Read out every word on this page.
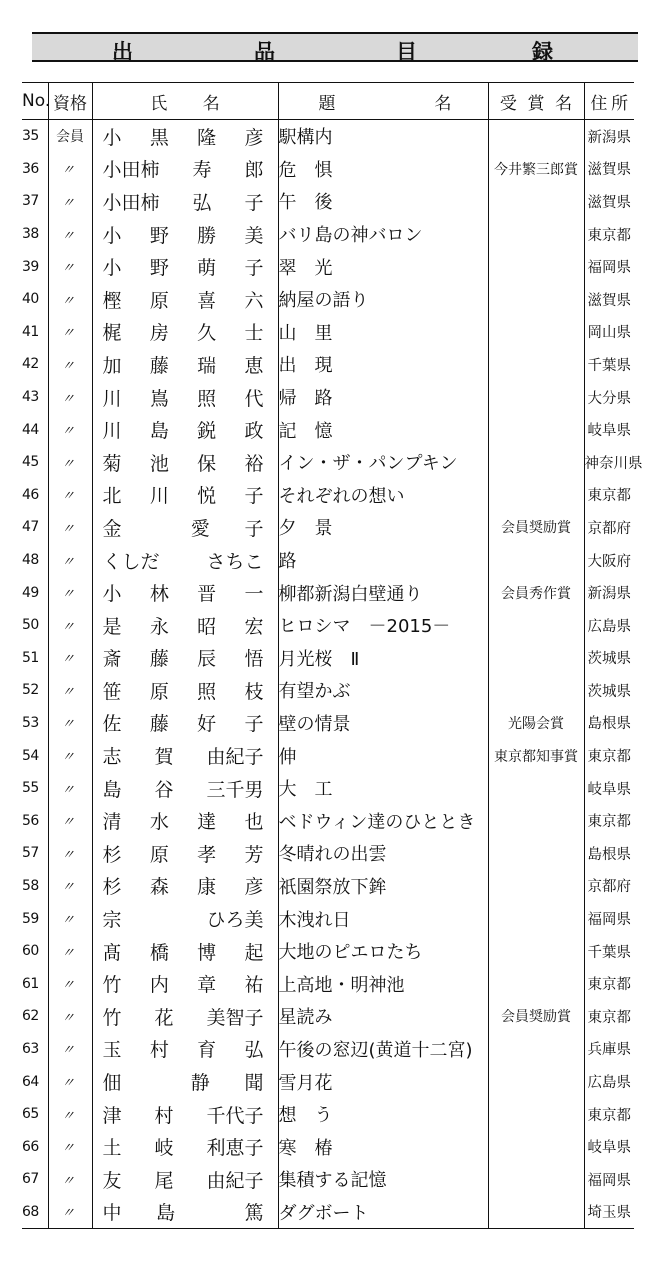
出	品	目	録
No.	資格	氏 名	題 名	受 賞 名	住 所

35	会員	小 黒 隆 彦	駅構内		新潟県
36	〃	小田柿 寿 郎	危　惧	今井繁三郎賞	滋賀県
37	〃	小田柿 弘 子	午　後		滋賀県
38	〃	小 野 勝 美	バリ島の神バロン		東京都
39	〃	小 野 萌 子	翠　光		福岡県
40	〃	樫 原 喜 六	納屋の語り		滋賀県
41	〃	梶 房 久 士	山　里		岡山県
42	〃	加 藤 瑞 恵	出　現		千葉県
43	〃	川 嶌 照 代	帰　路		大分県
44	〃	川 島 鋭 政	記　憶		岐阜県
45	〃	菊 池 保 裕	イン・ザ・パンプキン		神奈川県
46	〃	北 川 悦 子	それぞれの想い		東京都
47	〃	金 愛 子	夕　景	会員奨励賞	京都府
48	〃	くしだ さちこ	路		大阪府
49	〃	小 林 晋 一	柳都新潟白壁通り	会員秀作賞	新潟県
50	〃	是 永 昭 宏	ヒロシマ　－2015－		広島県
51	〃	斎 藤 辰 悟	月光桜　Ⅱ		茨城県
52	〃	笹 原 照 枝	有望かぶ		茨城県
53	〃	佐 藤 好 子	壁の情景	光陽会賞	島根県
54	〃	志 賀 由紀子	伸	東京都知事賞	東京都
55	〃	島 谷 三千男	大　工		岐阜県
56	〃	清 水 達 也	ベドウィン達のひととき		東京都
57	〃	杉 原 孝 芳	冬晴れの出雲		島根県
58	〃	杉 森 康 彦	祇園祭放下鉾		京都府
59	〃	宗 ひろ美	木洩れ日		福岡県
60	〃	髙 橋 博 起	大地のピエロたち		千葉県
61	〃	竹 内 章 祐	上高地・明神池		東京都
62	〃	竹 花 美智子	星読み	会員奨励賞	東京都
63	〃	玉 村 育 弘	午後の窓辺(黄道十二宮)		兵庫県
64	〃	佃 静 聞	雪月花		広島県
65	〃	津 村 千代子	想　う		東京都
66	〃	土 岐 利恵子	寒　椿		岐阜県
67	〃	友 尾 由紀子	集積する記憶		福岡県
68	〃	中 島 篤	ダグボート		埼玉県
